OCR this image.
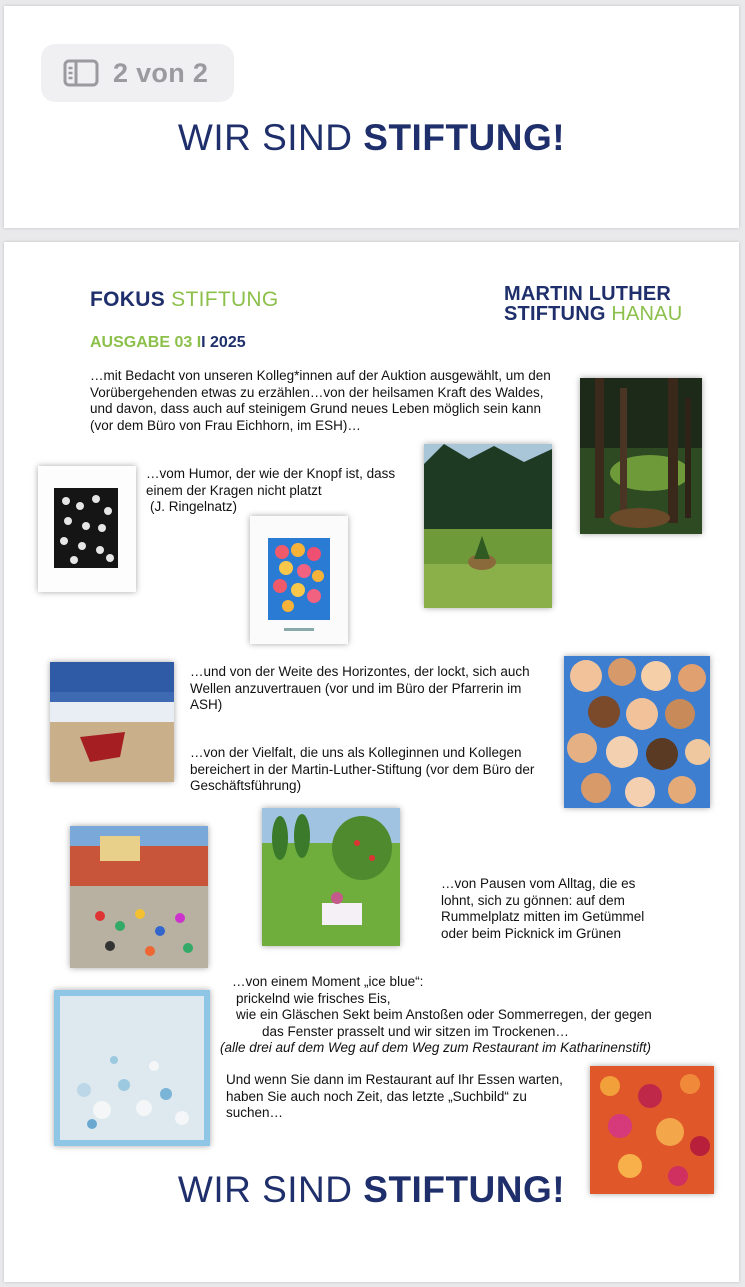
2 von 2
WIR SIND STIFTUNG!
FOKUS STIFTUNG
AUSGABE 03 II 2025
MARTIN LUTHER
STIFTUNG HANAU
…mit Bedacht von unseren Kolleg*innen auf der Auktion ausgewählt, um den Vorübergehenden etwas zu erzählen…von der heilsamen Kraft des Waldes, und davon, dass auch auf steinigem Grund neues Leben möglich sein kann (vor dem Büro von Frau Eichhorn, im ESH)…
…vom Humor, der wie der Knopf ist, dass
einem der Kragen nicht platzt
(J. Ringelnatz)
…und von der Weite des Horizontes, der lockt, sich auch Wellen anzuvertrauen (vor und im Büro der Pfarrerin im ASH)
…von der Vielfalt, die uns als Kolleginnen und Kollegen bereichert in der Martin-Luther-Stiftung (vor dem Büro der Geschäftsführung)
…von Pausen vom Alltag, die es lohnt, sich zu gönnen: auf dem Rummelplatz mitten im Getümmel oder beim Picknick im Grünen
…von einem Moment „ice blue“:
prickelnd wie frisches Eis,
wie ein Gläschen Sekt beim Anstoßen oder Sommerregen, der gegen
das Fenster prasselt und wir sitzen im Trockenen…
(alle drei auf dem Weg auf dem Weg zum Restaurant im Katharinenstift)
Und wenn Sie dann im Restaurant auf Ihr Essen warten,
haben Sie auch noch Zeit, das letzte „Suchbild“ zu suchen…
WIR SIND STIFTUNG!
